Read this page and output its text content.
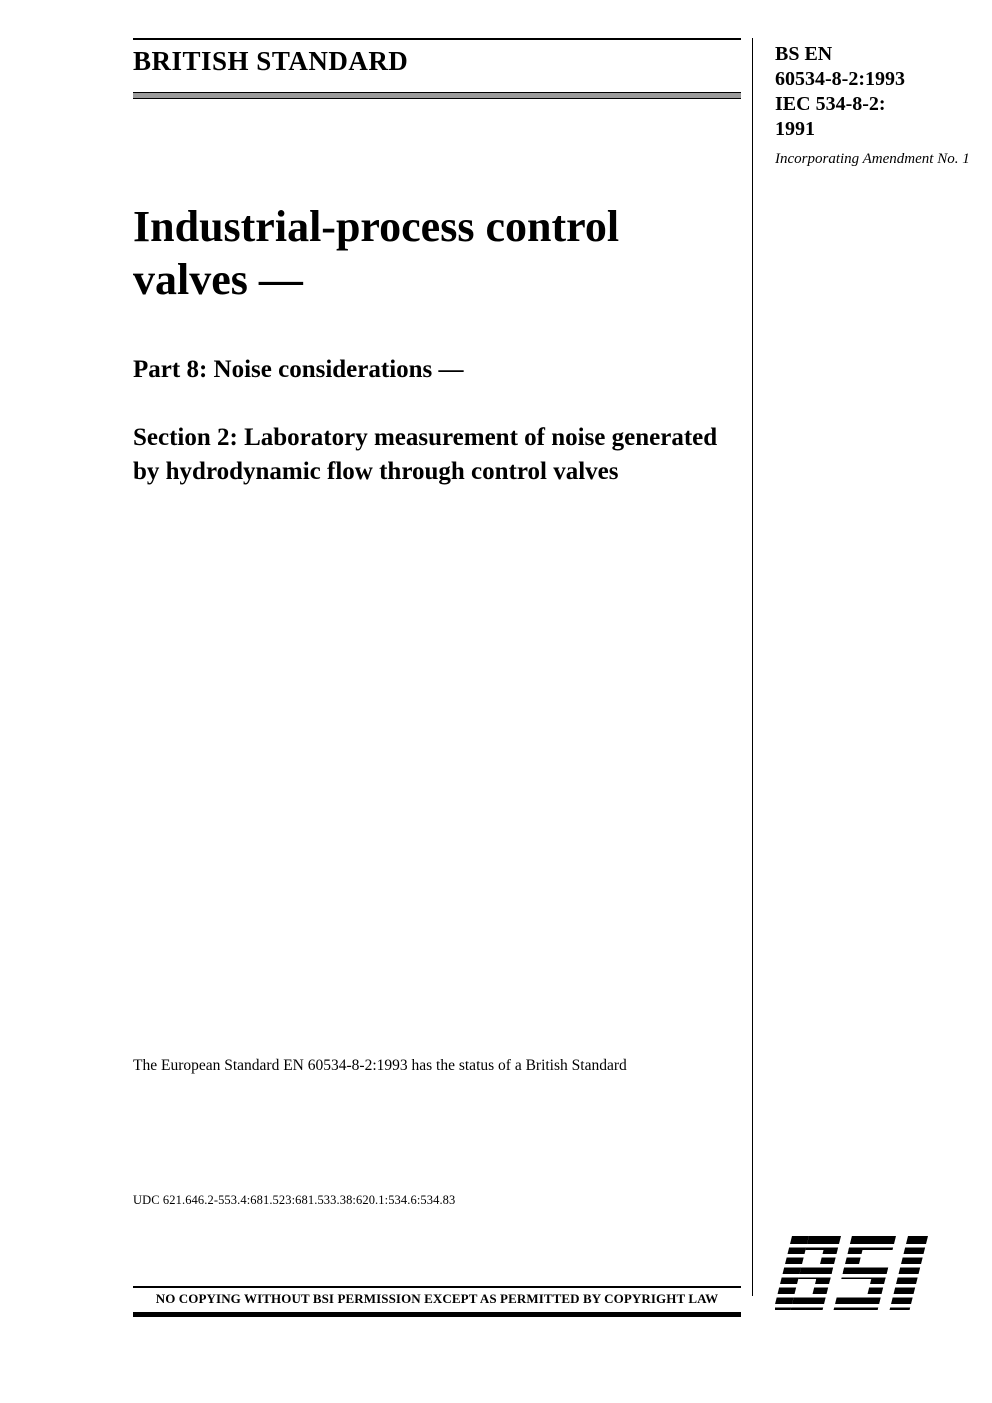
BRITISH STANDARD	BS EN
60534-8-2:1993
IEC 534-8-2:
1991
Incorporating Amendment No. 1
Industrial-process control valves —
Part 8: Noise considerations —
Section 2: Laboratory measurement of noise generated by hydrodynamic flow through control valves
The European Standard EN 60534-8-2:1993 has the status of a British Standard
UDC 621.646.2-553.4:681.523:681.533.38:620.1:534.6:534.83
NO COPYING WITHOUT BSI PERMISSION EXCEPT AS PERMITTED BY COPYRIGHT LAW
